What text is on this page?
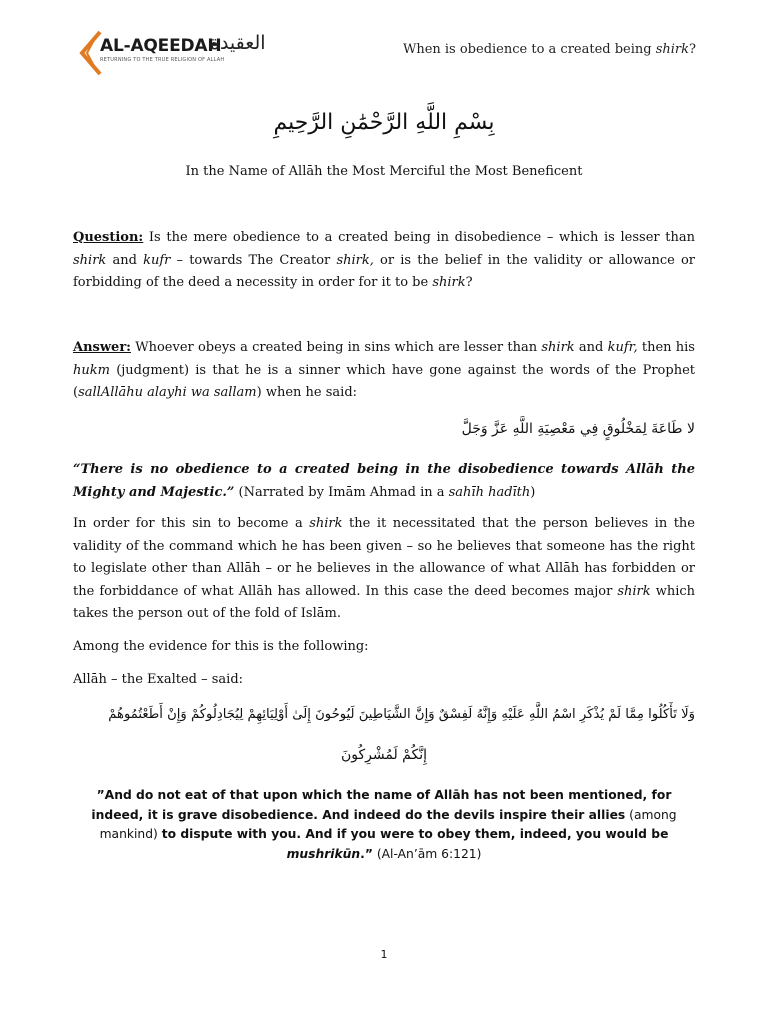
AL-AQEEDAH
RETURNING TO THE TRUE RELIGION OF ALLAH
العقيدة	When is obedience to a created being shirk?
بِسْمِ اللَّهِ الرَّحْمَٰنِ الرَّحِيمِ
In the Name of Allāh the Most Merciful the Most Beneficent

Question: Is the mere obedience to a created being in disobedience – which is lesser than shirk and kufr – towards The Creator shirk, or is the belief in the validity or allowance or forbidding of the deed a necessity in order for it to be shirk?

Answer: Whoever obeys a created being in sins which are lesser than shirk and kufr, then his hukm (judgment) is that he is a sinner which have gone against the words of the Prophet (sallAllāhu alayhi wa sallam) when he said:

لا طَاعَةَ لِمَخْلُوقٍ فِي مَعْصِيَةِ اللَّهِ عَزَّ وَجَلَّ

“There is no obedience to a created being in the disobedience towards Allāh the Mighty and Majestic.” (Narrated by Imām Ahmad in a sahīh hadīth)

In order for this sin to become a shirk the it necessitated that the person believes in the validity of the command which he has been given – so he believes that someone has the right to legislate other than Allāh – or he believes in the allowance of what Allāh has forbidden or the forbiddance of what Allāh has allowed. In this case the deed becomes major shirk which takes the person out of the fold of Islām.

Among the evidence for this is the following:
Allāh – the Exalted – said:
وَلَا تَأْكُلُوا مِمَّا لَمْ يُذْكَرِ اسْمُ اللَّهِ عَلَيْهِ وَإِنَّهُ لَفِسْقٌ وَإِنَّ الشَّيَاطِينَ لَيُوحُونَ إِلَىٰ أَوْلِيَائِهِمْ لِيُجَادِلُوكُمْ وَإِنْ أَطَعْتُمُوهُمْ
إِنَّكُمْ لَمُشْرِكُونَ
”And do not eat of that upon which the name of Allāh has not been mentioned, for indeed, it is grave disobedience. And indeed do the devils inspire their allies (among mankind) to dispute with you. And if you were to obey them, indeed, you would be mushrikūn.” (Al-An’ām 6:121)
1
